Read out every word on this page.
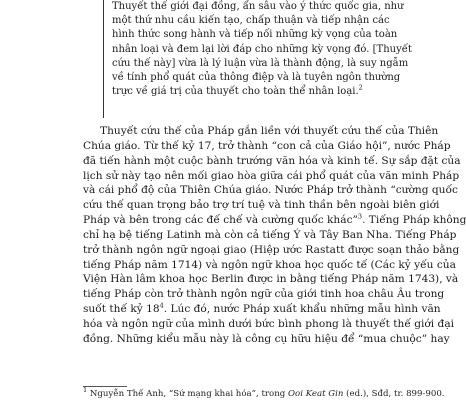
Thuyết thế giới đại đồng, ẩn sâu vào ý thức quốc gia, như
một thứ nhu cầu kiến tạo, chấp thuận và tiếp nhận các
hình thức song hành và tiếp nối những kỳ vọng của toàn
nhân loại và đem lại lời đáp cho những kỳ vọng đó. [Thuyết
cứu thế này] vừa là lý luận vừa là thành động, là suy ngẫm
về tính phổ quát của thông điệp và là tuyên ngôn thường
trực về giá trị của thuyết cho toàn thể nhân loại.$^2$
Thuyết cứu thế của Pháp gắn liền với thuyết cứu thế của Thiên
Chúa giáo. Từ thế kỷ 17, trở thành “con cả của Giáo hội”, nước Pháp
đã tiến hành một cuộc bành trướng văn hóa và kinh tế. Sự sắp đặt của
lịch sử này tạo nên mối giao hòa giữa cái phổ quát của văn minh Pháp
và cái phổ độ của Thiên Chúa giáo. Nước Pháp trở thành “cường quốc
cứu thế quan trọng bảo trợ trí tuệ và tinh thần bên ngoài biên giới
Pháp và bên trong các đế chế và cường quốc khác”$^3$. Tiếng Pháp không
chỉ hạ bệ tiếng Latinh mà còn cả tiếng Ý và Tây Ban Nha. Tiếng Pháp
trở thành ngôn ngữ ngoại giao (Hiệp ước Rastatt được soạn thảo bằng
tiếng Pháp năm 1714) và ngôn ngữ khoa học quốc tế (Các kỷ yếu của
Viện Hàn lâm khoa học Berlin được in bằng tiếng Pháp năm 1743), và
tiếng Pháp còn trở thành ngôn ngữ của giới tinh hoa châu Âu trong
suốt thế kỷ $18^4$. Lúc đó, nước Pháp xuất khẩu những mẫu hình văn
hóa và ngôn ngữ của mình dưới bức bình phong là thuyết thế giới đại
đồng. Những kiểu mẫu này là công cụ hữu hiệu để “mua chuộc” hay
$^1$ Nguyễn Thế Anh, “Sứ mạng khai hóa”, trong Ooi Keat Gin (ed.), Sđd, tr. 899-900.
